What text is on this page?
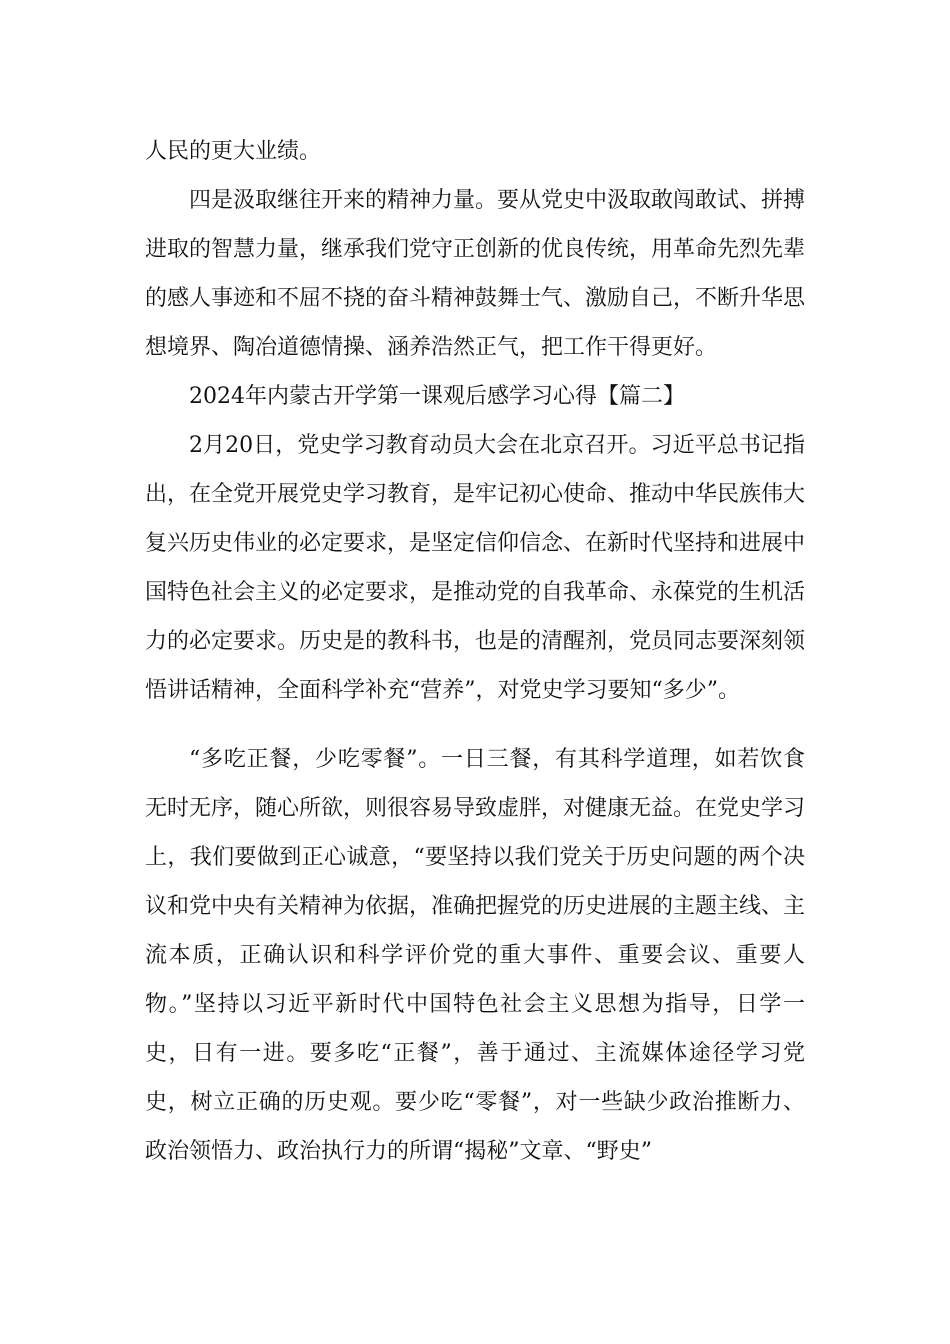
人民的更大业绩。

四是汲取继往开来的精神力量。要从党史中汲取敢闯敢试、拼搏进取的智慧力量，继承我们党守正创新的优良传统，用革命先烈先辈的感人事迹和不屈不挠的奋斗精神鼓舞士气、激励自己，不断升华思想境界、陶冶道德情操、涵养浩然正气，把工作干得更好。

2024年内蒙古开学第一课观后感学习心得【篇二】

2月20日，党史学习教育动员大会在北京召开。习近平总书记指出，在全党开展党史学习教育，是牢记初心使命、推动中华民族伟大复兴历史伟业的必定要求，是坚定信仰信念、在新时代坚持和进展中国特色社会主义的必定要求，是推动党的自我革命、永葆党的生机活力的必定要求。历史是的教科书，也是的清醒剂，党员同志要深刻领悟讲话精神，全面科学补充“营养”，对党史学习要知“多少”。

“多吃正餐，少吃零餐”。一日三餐，有其科学道理，如若饮食无时无序，随心所欲，则很容易导致虚胖，对健康无益。在党史学习上，我们要做到正心诚意，“要坚持以我们党关于历史问题的两个决议和党中央有关精神为依据，准确把握党的历史进展的主题主线、主流本质，正确认识和科学评价党的重大事件、重要会议、重要人物。”坚持以习近平新时代中国特色社会主义思想为指导，日学一史，日有一进。要多吃“正餐”，善于通过、主流媒体途径学习党史，树立正确的历史观。要少吃“零餐”，对一些缺少政治推断力、政治领悟力、政治执行力的所谓“揭秘”文章、“野史”
